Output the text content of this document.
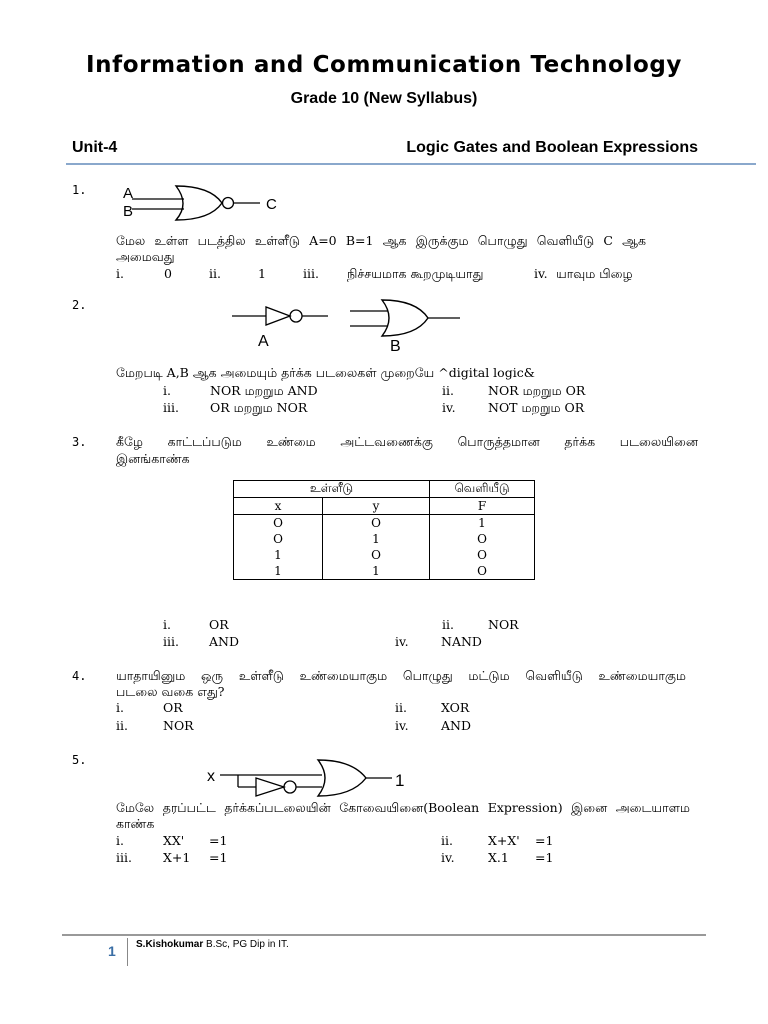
Information and Communication Technology
Grade 10 (New Syllabus)
Unit-4	Logic Gates and Boolean Expressions
1. A
B	C
மேல உள்ள படத்தில உள்ளீடு A=0 B=1 ஆக இருக்கும பொழுது வெளியீடு C ஆக
அமைவது
i.	0	ii.	1	iii. நிச்சயமாக கூறமுடியாது	iv. யாவும பிழை
2.
A	B
மேறபடி A,B ஆக அமையும் தர்க்க படலைகள் முறையே ^digital logic&
i.	NOR மறறும AND	ii.	NOR மறறும OR
iii. OR மறறும NOR	iv.	NOT மறறும OR
3. கீழே காட்டப்படும உண்மை அட்டவணைக்கு பொருத்தமான தர்க்க படலையினை
இனங்காண்க
உள்ளீடு		வெளியீடு
x	y	F
O	O	1
O	1	O
1	O	O
1	1	O
i.	OR	ii.	NOR
iii. AND	iv.	NAND
4. யாதாயினும ஒரு உள்ளீடு உண்மையாகும பொழுது மட்டும வெளியீடு உண்மையாகும
படலை வகை எது?
i.	OR	ii.	XOR
ii.	NOR	iv.	AND
5.
x	1
மேலே தரப்பட்ட தர்க்கப்படலையின் கோவையினை(Boolean Expression) இனை அடையாளம
காண்க
i.	XX' =1	ii.	X+X' =1
iii. X+1 =1	iv.	X.1 =1
1 S.Kishokumar B.Sc, PG Dip in IT.
